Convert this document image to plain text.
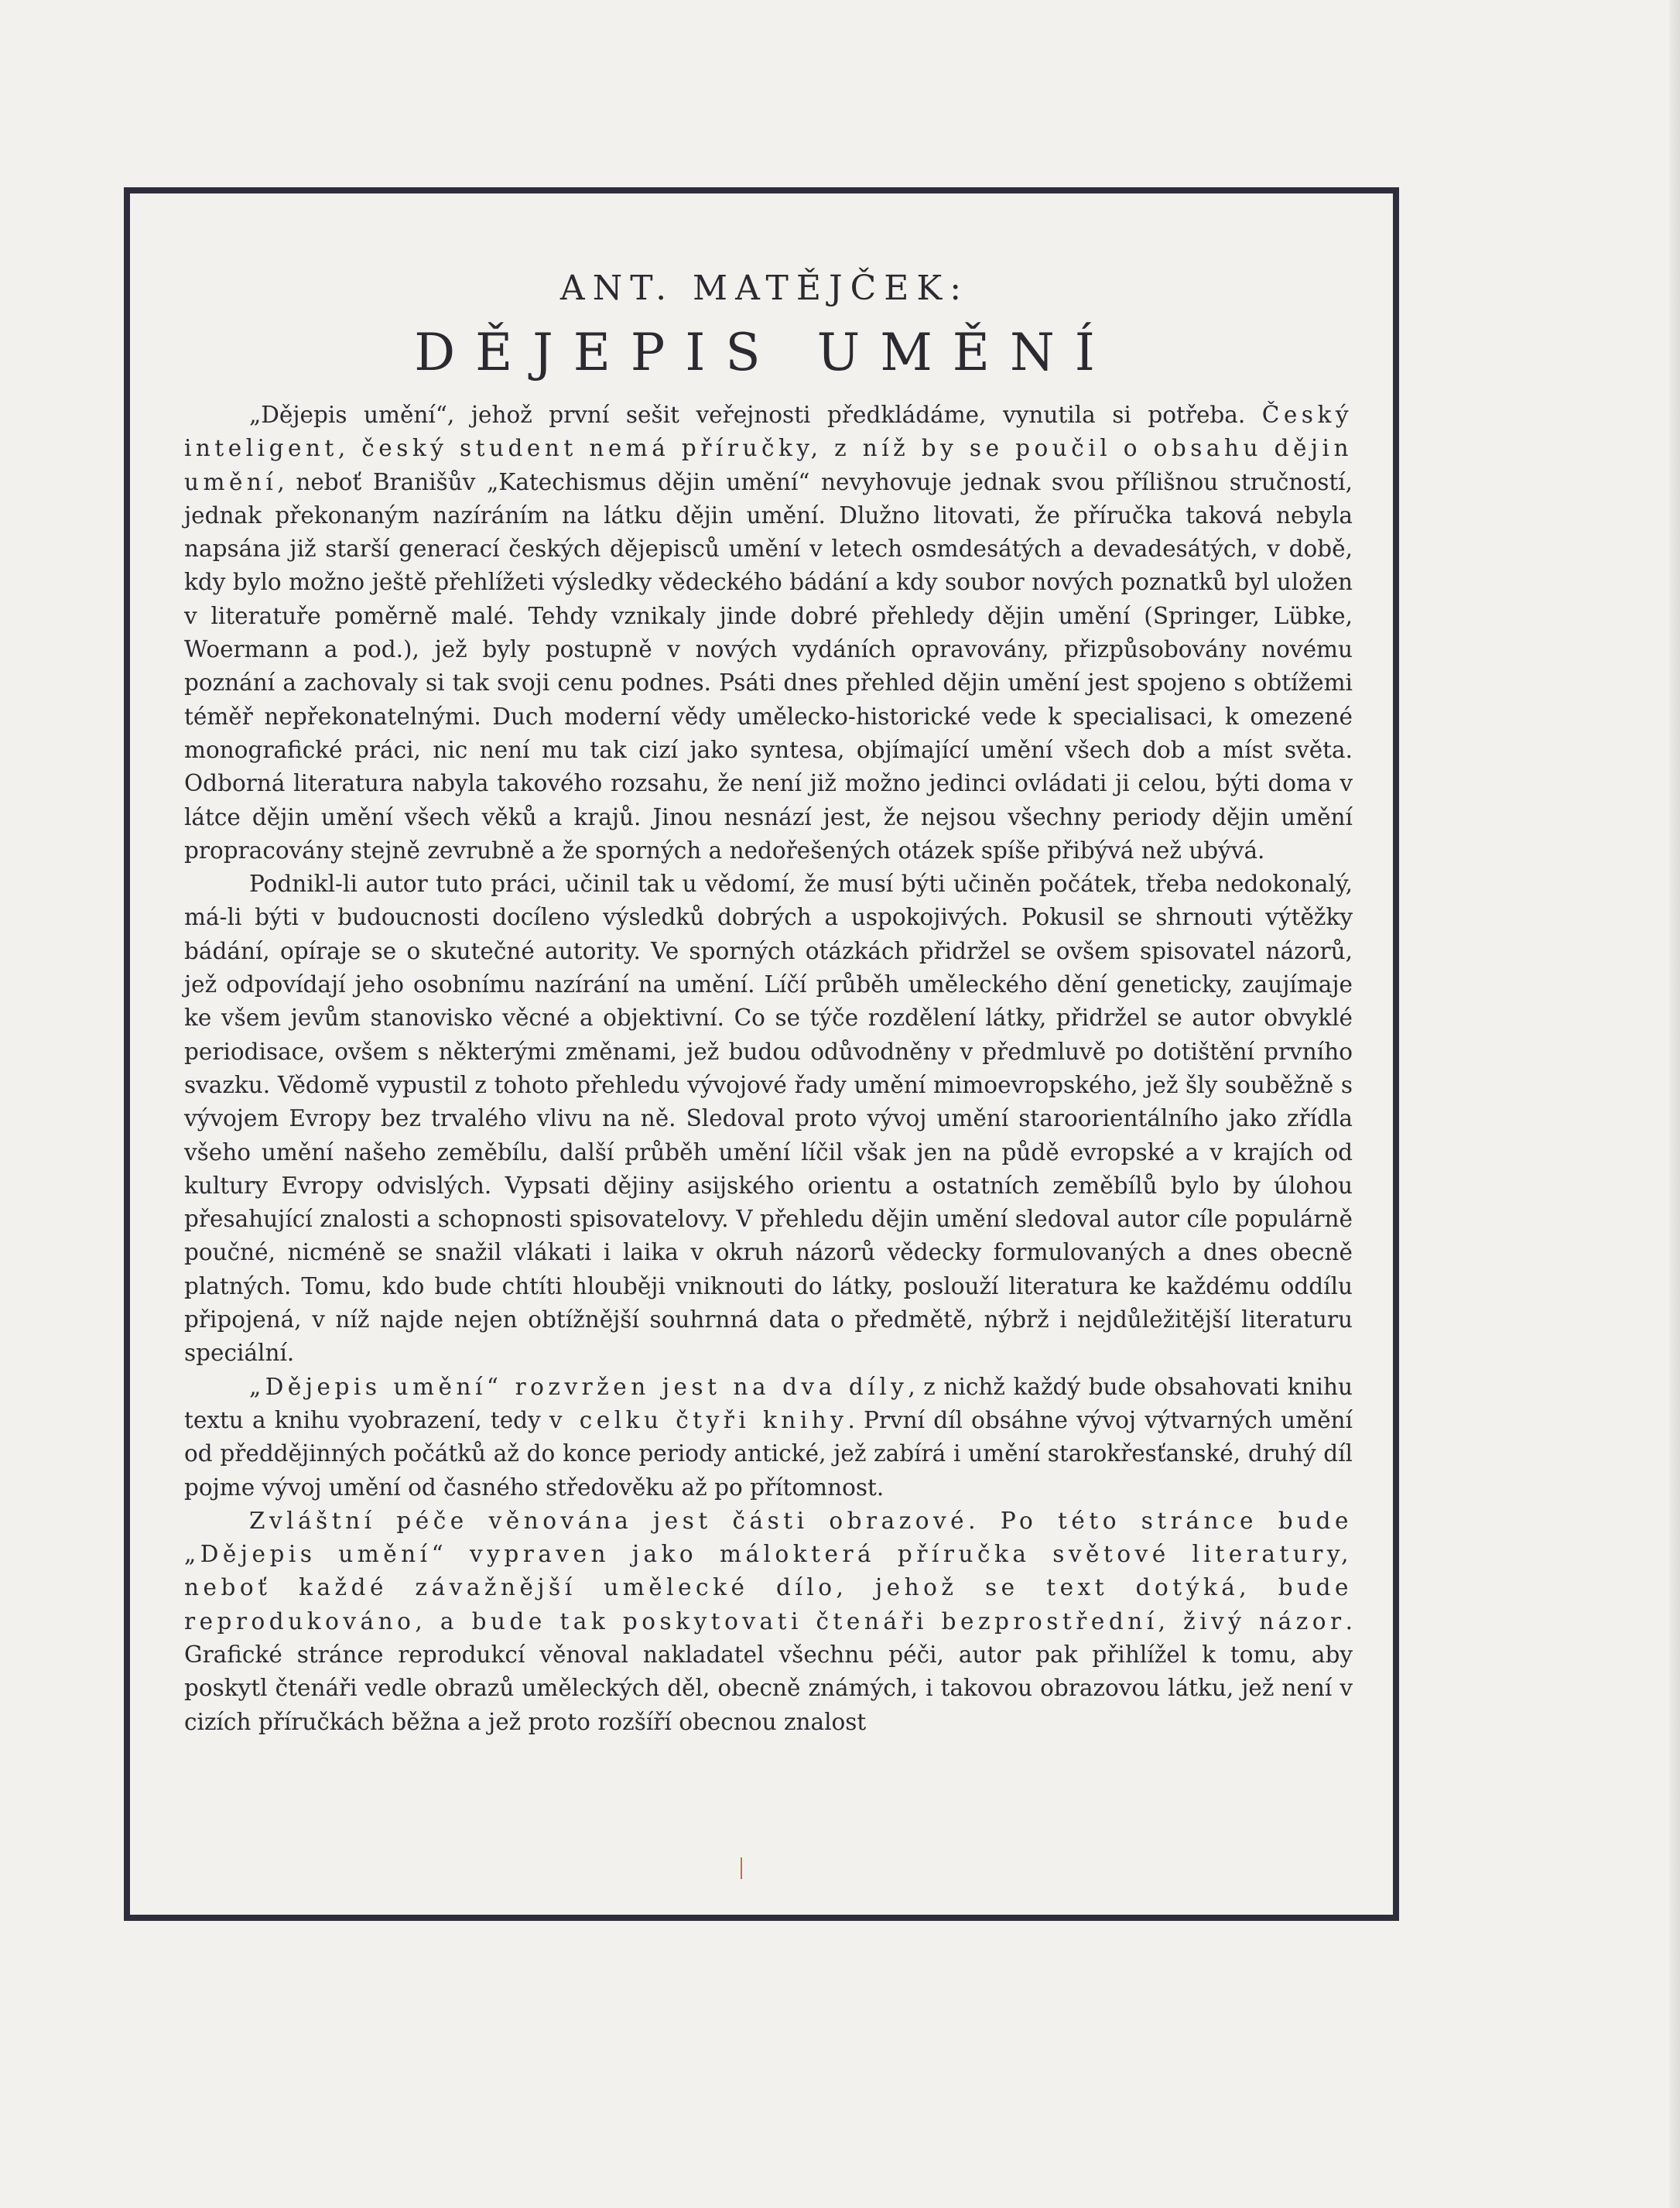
ANT. MATĚJČEK:
DĚJEPIS UMĚNÍ

„Dějepis umění“, jehož první sešit veřejnosti předkládáme, vynutila si potřeba. Český inteligent, český student nemá příručky, z níž by se poučil o obsahu dějin umění, neboť Branišův „Katechismus dějin umění“ nevyhovuje jednak svou přílišnou stručností, jednak překonaným nazíráním na látku dějin umění. Dlužno litovati, že příručka taková nebyla napsána již starší generací českých dějepisců umění v letech osmdesátých a devadesátých, v době, kdy bylo možno ještě přehlížeti výsledky vědeckého bádání a kdy soubor nových poznatků byl uložen v literatuře poměrně malé. Tehdy vznikaly jinde dobré přehledy dějin umění (Springer, Lübke, Woermann a pod.), jež byly postupně v nových vydáních opravovány, přizpůsobovány novému poznání a zachovaly si tak svoji cenu podnes. Psáti dnes přehled dějin umění jest spojeno s obtížemi téměř nepřekonatelnými. Duch moderní vědy umělecko-historické vede k specialisaci, k omezené monografické práci, nic není mu tak cizí jako syntesa, objímající umění všech dob a míst světa. Odborná literatura nabyla takového rozsahu, že není již možno jedinci ovládati ji celou, býti doma v látce dějin umění všech věků a krajů. Jinou nesnází jest, že nejsou všechny periody dějin umění propracovány stejně zevrubně a že sporných a nedořešených otázek spíše přibývá než ubývá.

Podnikl-li autor tuto práci, učinil tak u vědomí, že musí býti učiněn počátek, třeba nedokonalý, má-li býti v budoucnosti docíleno výsledků dobrých a uspokojivých. Pokusil se shrnouti výtěžky bádání, opíraje se o skutečné autority. Ve sporných otázkách přidržel se ovšem spisovatel názorů, jež odpovídají jeho osobnímu nazírání na umění. Líčí průběh uměleckého dění geneticky, zaujímaje ke všem jevům stanovisko věcné a objektivní. Co se týče rozdělení látky, přidržel se autor obvyklé periodisace, ovšem s některými změnami, jež budou odůvodněny v předmluvě po dotištění prvního svazku. Vědomě vypustil z tohoto přehledu vývojové řady umění mimoevropského, jež šly souběžně s vývojem Evropy bez trvalého vlivu na ně. Sledoval proto vývoj umění staroorientálního jako zřídla všeho umění našeho zeměbílu, další průběh umění líčil však jen na půdě evropské a v krajích od kultury Evropy odvislých. Vypsati dějiny asijského orientu a ostatních zeměbílů bylo by úlohou přesahující znalosti a schopnosti spisovatelovy. V přehledu dějin umění sledoval autor cíle populárně poučné, nicméně se snažil vlákati i laika v okruh názorů vědecky formulovaných a dnes obecně platných. Tomu, kdo bude chtíti hlouběji vniknouti do látky, poslouží literatura ke každému oddílu připojená, v níž najde nejen obtížnější souhrnná data o předmětě, nýbrž i nejdůležitější literaturu speciální.

„Dějepis umění“ rozvržen jest na dva díly, z nichž každý bude obsahovati knihu textu a knihu vyobrazení, tedy v celku čtyři knihy. První díl obsáhne vývoj výtvarných umění od předdějinných počátků až do konce periody antické, jež zabírá i umění starokřesťanské, druhý díl pojme vývoj umění od časného středověku až po přítomnost.

Zvláštní péče věnována jest části obrazové. Po této stránce bude „Dějepis umění“ vypraven jako málokterá příručka světové literatury, neboť každé závažnější umělecké dílo, jehož se text dotýká, bude reprodukováno, a bude tak poskytovati čtenáři bezprostřední, živý názor. Grafické stránce reprodukcí věnoval nakladatel všechnu péči, autor pak přihlížel k tomu, aby poskytl čtenáři vedle obrazů uměleckých děl, obecně známých, i takovou obrazovou látku, jež není v cizích příručkách běžna a jež proto rozšíří obecnou znalost
